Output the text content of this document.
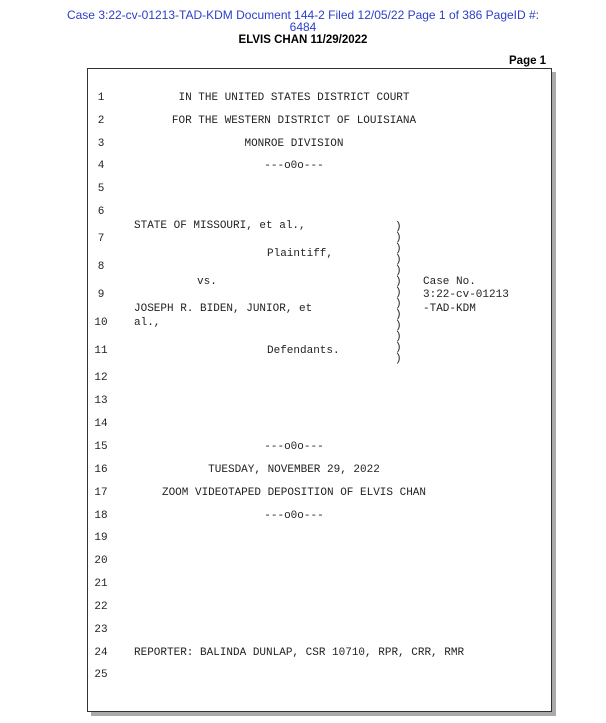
Case 3:22-cv-01213-TAD-KDM Document 144-2 Filed 12/05/22 Page 1 of 386 PageID #:
6484
ELVIS CHAN 11/29/2022
Page 1
1
2
3
4
5
6
7
8
9
10
11
12
13
14
15
16
17
18
19
20
21
22
23
24
25
IN THE UNITED STATES DISTRICT COURT
FOR THE WESTERN DISTRICT OF LOUISIANA
MONROE DIVISION
---o0o---
STATE OF MISSOURI, et al.,
Plaintiff,
vs.
JOSEPH R. BIDEN, JUNIOR, et
al.,
Defendants.
)
)
)
)
)
)
)
)
)
)
)
)
)
Case No.
3:22-cv-01213
-TAD-KDM
---o0o---
TUESDAY, NOVEMBER 29, 2022
ZOOM VIDEOTAPED DEPOSITION OF ELVIS CHAN
---o0o---
REPORTER: BALINDA DUNLAP, CSR 10710, RPR, CRR, RMR
